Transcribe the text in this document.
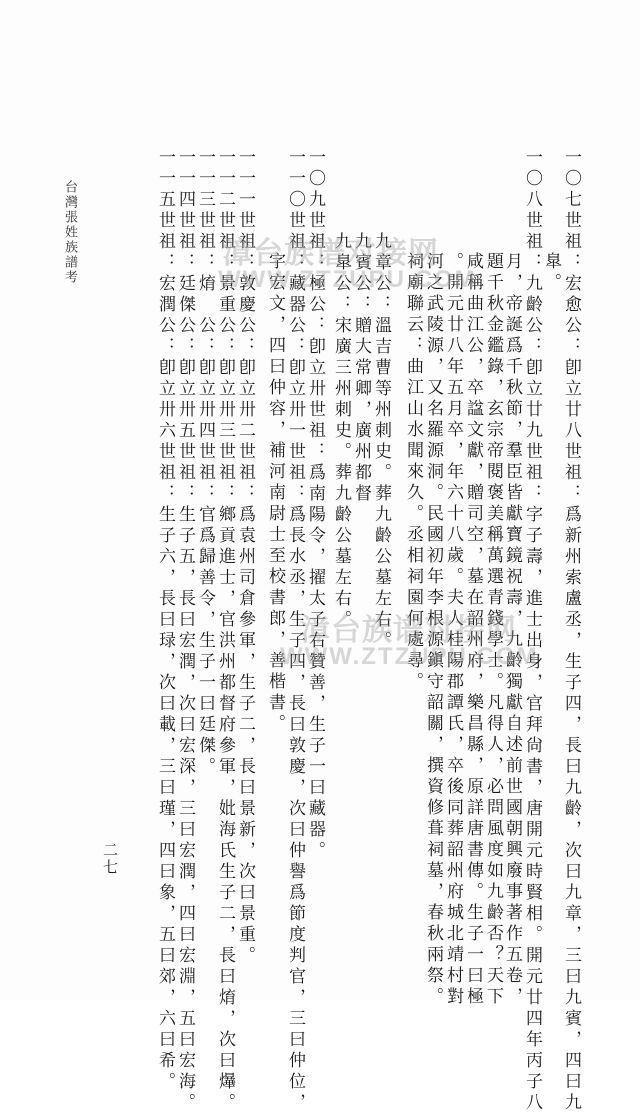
一〇七世祖：宏愈公：卽立廿八世祖：爲新州索盧丞，生子四，長曰九齡，次曰九章，三曰九賓，四曰九
臯。
一〇八世祖：九齡公：卽立廿九世祖：字子壽，進士出身，官拜尙書，唐開元時賢相。開元廿四年丙子八
月，帝誕爲千秋節，羣臣皆獻寶鏡祝壽，九齡獨獻自述前世國朝興廢事著作五卷，
題千秋金鑑錄，玄宗帝閱褒美稱萬選青錢學士。凡得人，必問風度如九齡否？天下
咸稱曲江公，卒諡文獻，贈司空，墓在韶州府，樂昌縣，原詳唐書傳。生子一曰極
。開元廿八年五月卒，年六十八歲。夫人桂陽郡譚氏，卒後同葬韶州府城北靖村對
河之武陵源，又名羅源洞。民國初年李根源鎭守韶關，撰資修葺祠墓，春秋兩祭。
祠廟聯云：曲江山水聞來久。丞相祠園何處尋。
九章公：溫吉曹等州刺史。葬九齡公墓左右。
九賓公：贈大常卿，廣州都督
九臯公：宋廣三州刺史。葬九齡公墓左右。
一〇九世祖：極公：卽立卅世祖：爲南陽令，擢太子右贊善，生子一曰藏器。
一一〇世祖：藏器公：卽立卅一世祖：爲長水丞，生子四，長曰敦慶，次曰仲譽爲節度判官，三曰仲位，
字宏文，四曰仲容，補河南尉士至校書郎，善楷書。
一一一世祖：敦慶公：卽立卅二世祖：爲袁州司倉參軍，生子二，長曰景新，次曰景重。
一一二世祖：景重公：卽立卅三世祖：鄉貢進士，官洪州都督府參軍，妣海氏生子二，長曰焴，次曰爗。
一一三世祖：焴　公：卽立卅四世祖：官爲歸善令，生子一曰廷傑。
一一四世祖：廷傑公：卽立卅五世祖：生子五，長曰宏潤，次曰宏深，三曰宏潤，四曰宏淵，五曰宏海。
一一五世祖：宏潤公：卽立卅六世祖：生子六，長曰琭，次曰載，三曰瑾，四曰象，五曰郊，六曰希。
台灣張姓族譜考
二七
漳台族谱对接网
WWW.ZTZUPU.COM
漳台族谱对接网
WWW.ZTZUPU.COM
